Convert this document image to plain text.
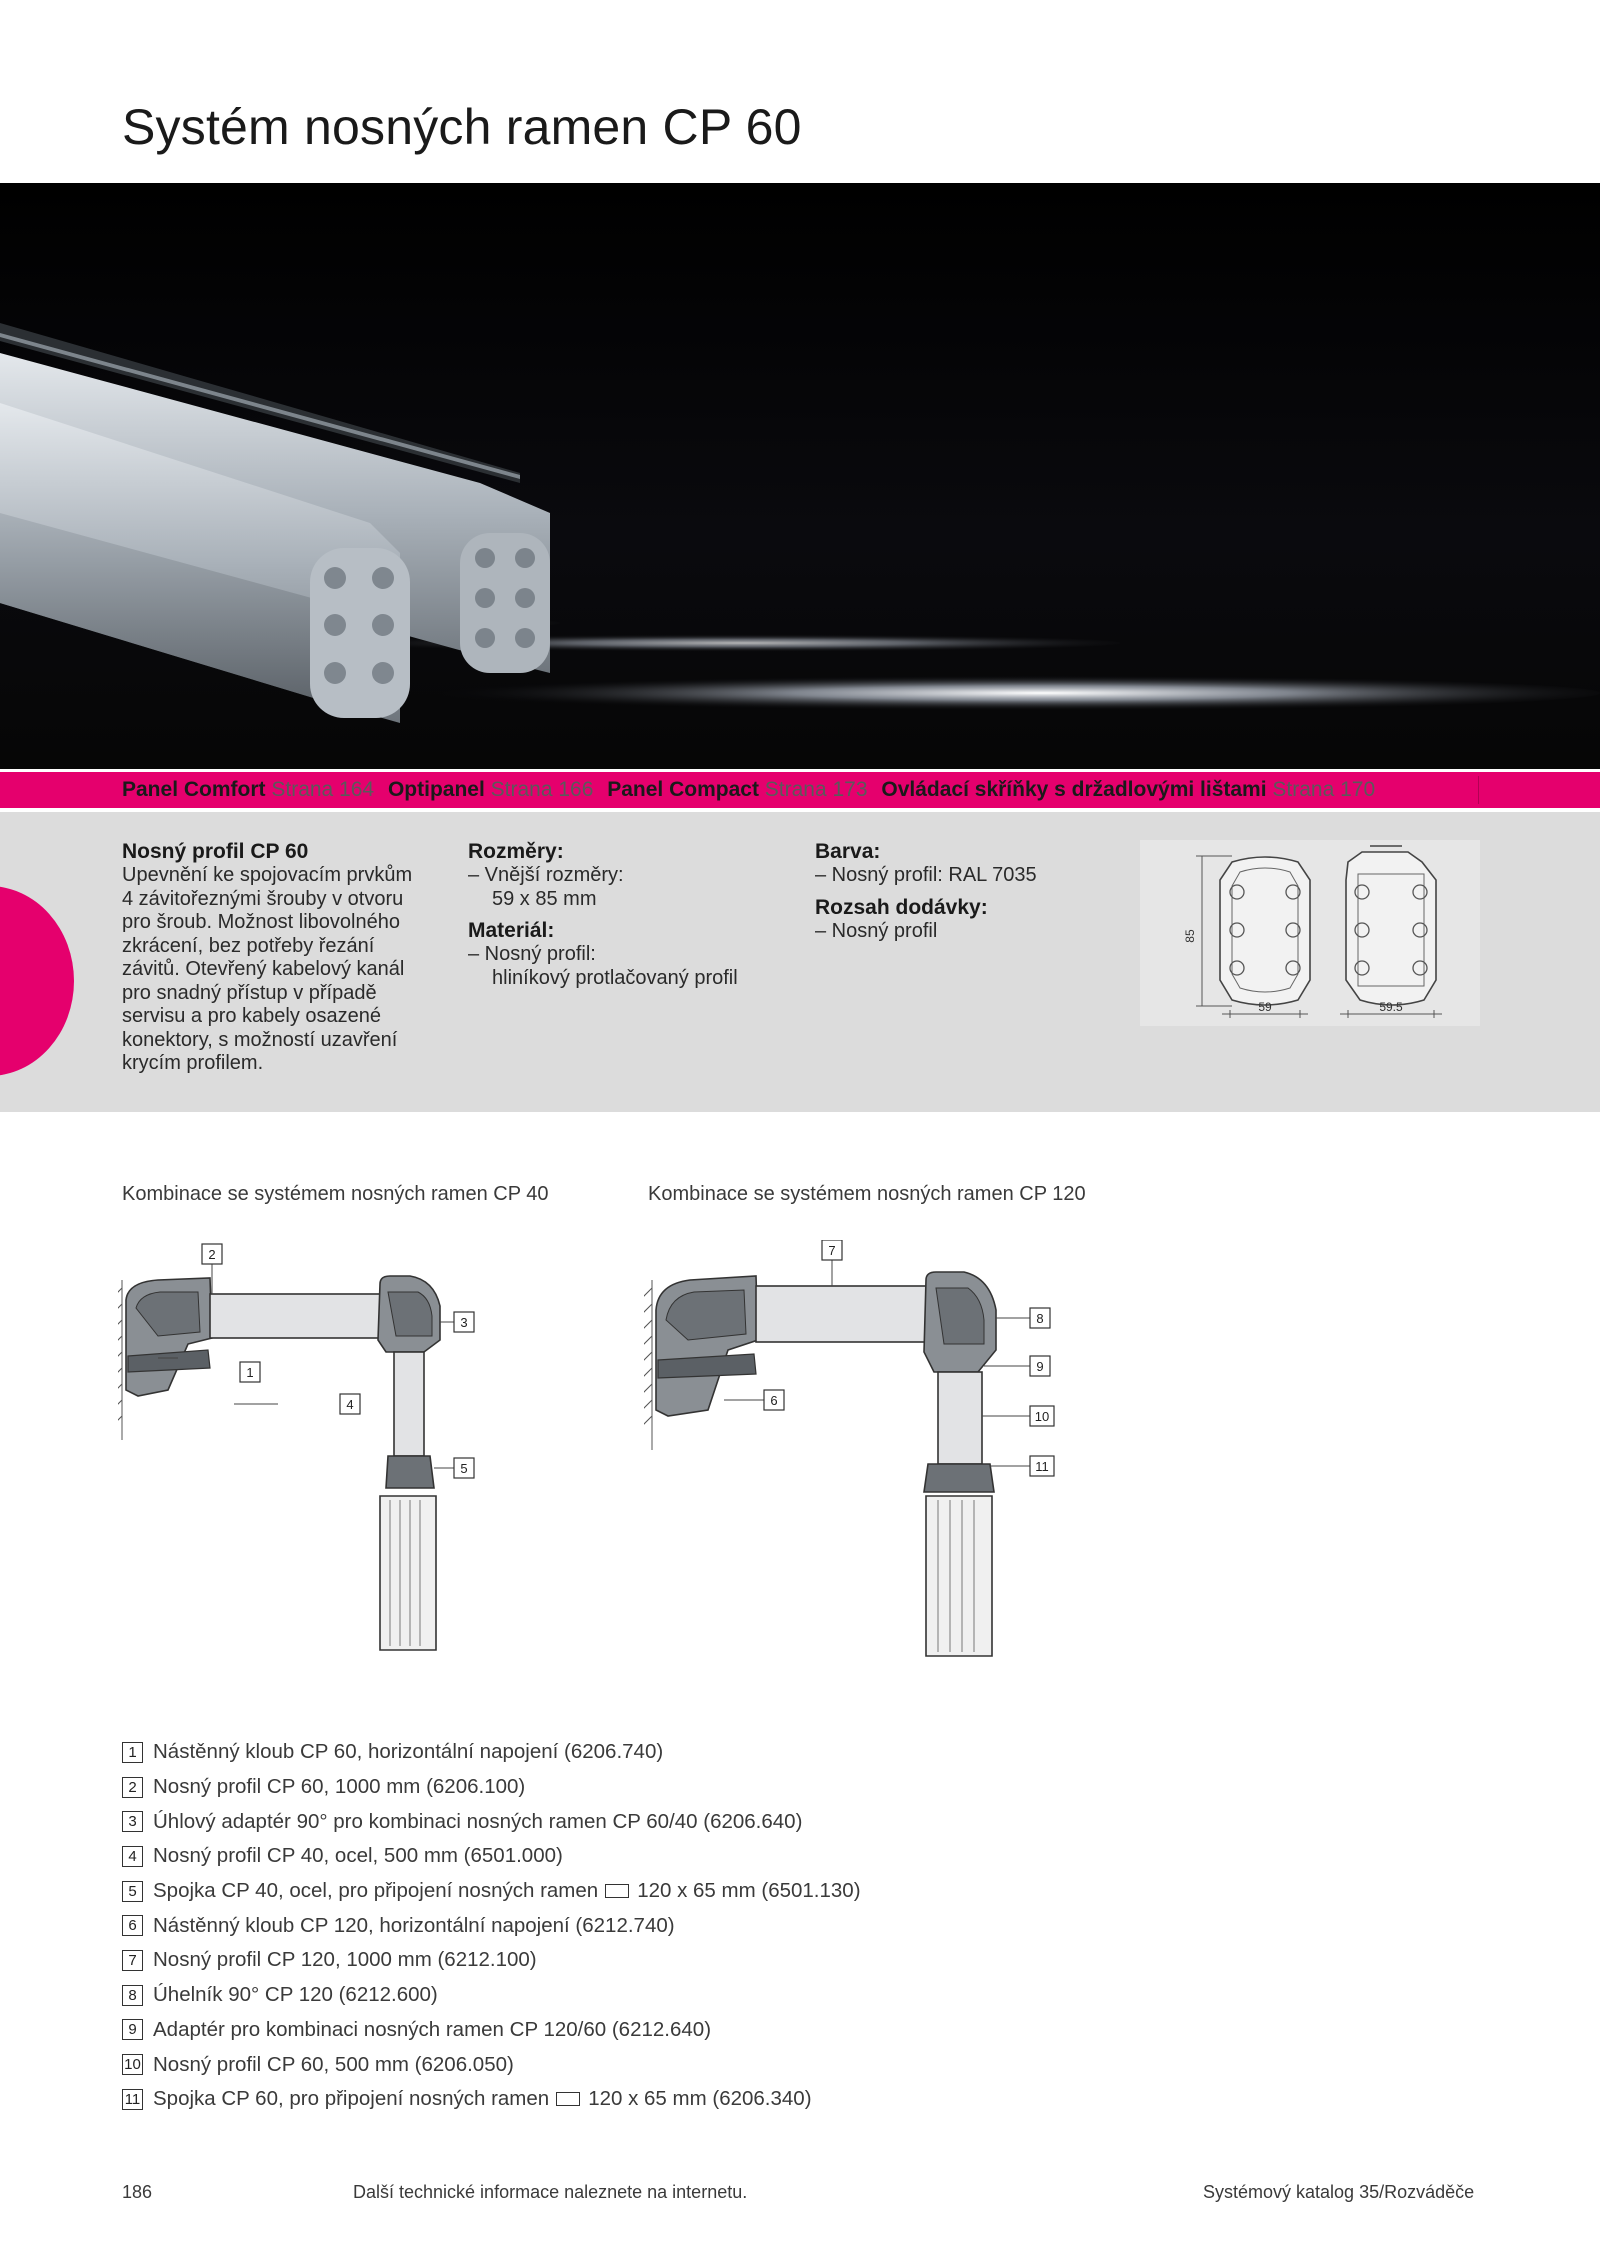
Systém nosných ramen CP 60
Panel Comfort Strana 164 Optipanel Strana 166 Panel Compact Strana 173 Ovládací skříňky s držadlovými lištami Strana 170
Nosný profil CP 60

Upevnění ke spojovacím prvkům

4 závitořeznými šrouby v otvoru

pro šroub. Možnost libovolného

zkrácení, bez potřeby řezání

závitů. Otevřený kabelový kanál

pro snadný přístup v případě

servisu a pro kabely osazené

konektory, s možností uzavření

krycím profilem.

Rozměry:

– Vnější rozměry:

59 x 85 mm

Materiál:

– Nosný profil:

hliníkový protlačovaný profil

Barva:

– Nosný profil: RAL 7035

Rozsah dodávky:

– Nosný profil	85
59	59.5
Kombinace se systémem nosných ramen CP 40	Kombinace se systémem nosných ramen CP 120
2
3
1
4
5
7
8
9
6
10
11
1 Nástěnný kloub CP 60, horizontální napojení (6206.740)
2 Nosný profil CP 60, 1000 mm (6206.100)
3 Úhlový adaptér 90° pro kombinaci nosných ramen CP 60/40 (6206.640)
4 Nosný profil CP 40, ocel, 500 mm (6501.000)
5 Spojka CP 40, ocel, pro připojení nosných ramen 120 x 65 mm (6501.130)
6 Nástěnný kloub CP 120, horizontální napojení (6212.740)
7 Nosný profil CP 120, 1000 mm (6212.100)
8 Úhelník 90° CP 120 (6212.600)
9 Adaptér pro kombinaci nosných ramen CP 120/60 (6212.640)
10 Nosný profil CP 60, 500 mm (6206.050)
11 Spojka CP 60, pro připojení nosných ramen 120 x 65 mm (6206.340)
186	Další technické informace naleznete na internetu.	Systémový katalog 35/Rozváděče
